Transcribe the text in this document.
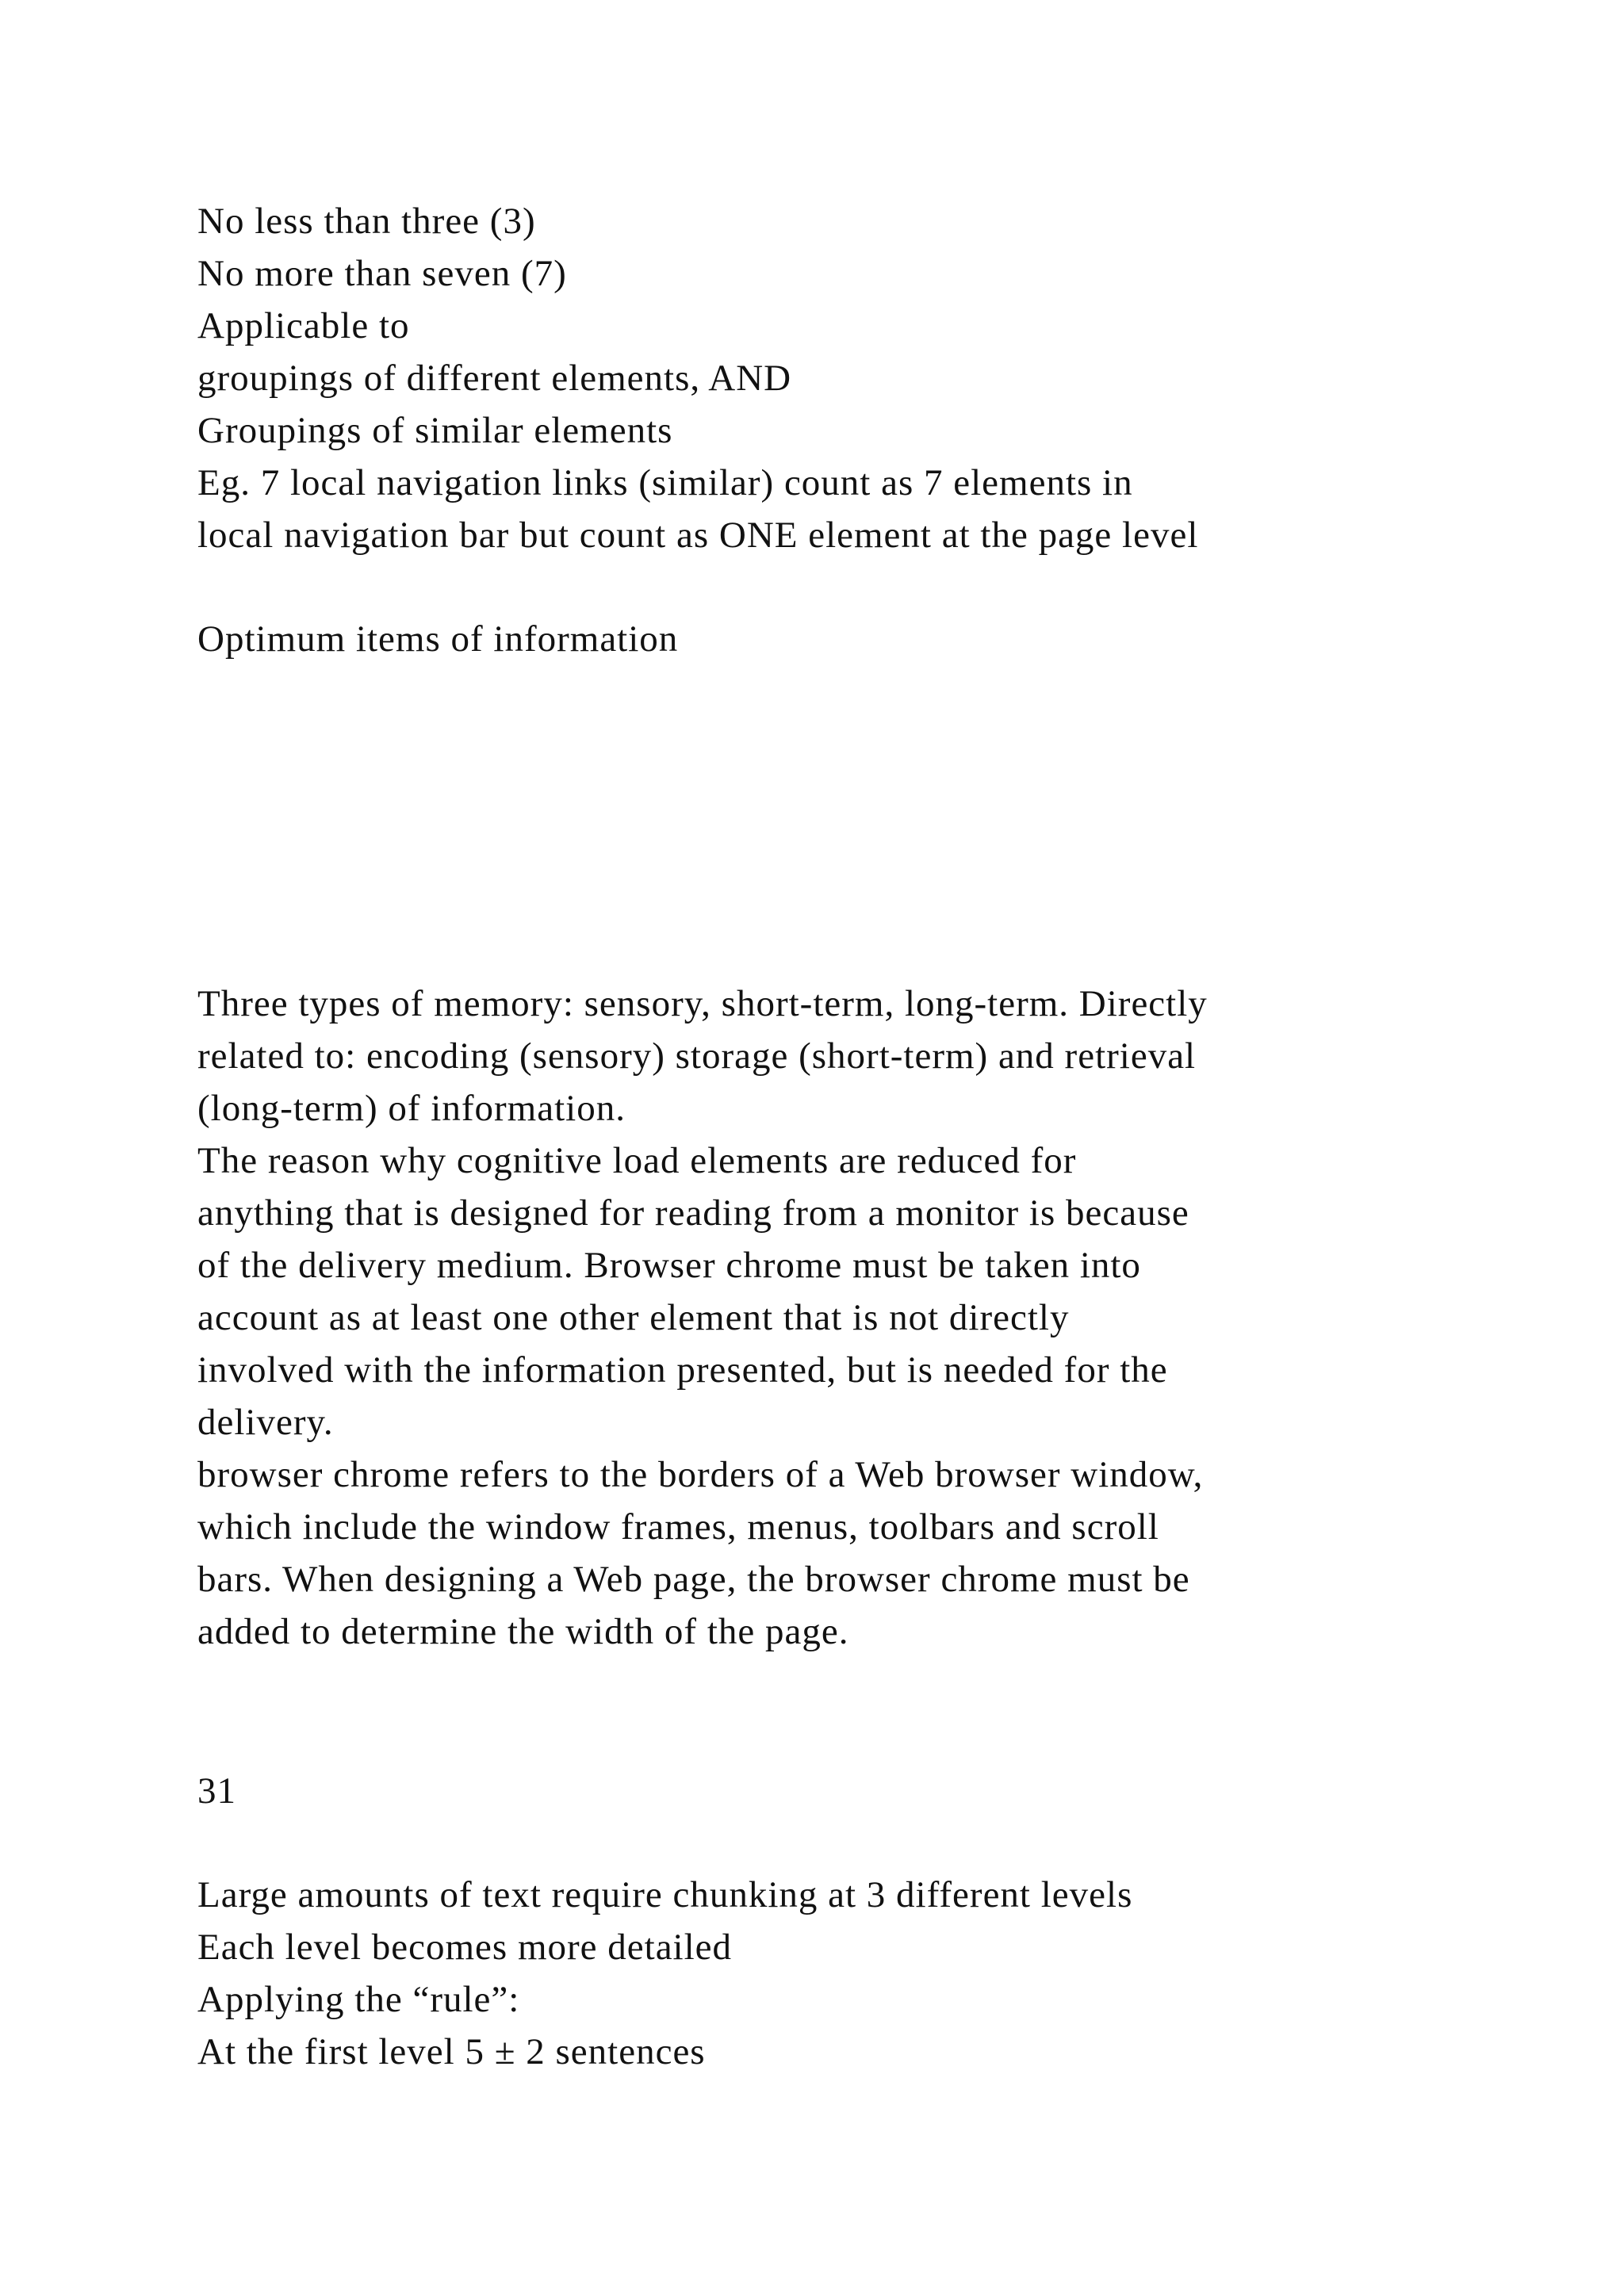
No less than three (3)
No more than seven (7)
Applicable to
groupings of different elements, AND
Groupings of similar elements
Eg. 7 local navigation links (similar) count as 7 elements in
local navigation bar but count as ONE element at the page level
Optimum items of information
Three types of memory: sensory, short-term, long-term. Directly
related to: encoding (sensory) storage (short-term) and retrieval
(long-term) of information.
The reason why cognitive load elements are reduced for
anything that is designed for reading from a monitor is because
of the delivery medium. Browser chrome must be taken into
account as at least one other element that is not directly
involved with the information presented, but is needed for the
delivery.
browser chrome refers to the borders of a Web browser window,
which include the window frames, menus, toolbars and scroll
bars. When designing a Web page, the browser chrome must be
added to determine the width of the page.
31
Large amounts of text require chunking at 3 different levels
Each level becomes more detailed
Applying the “rule”:
At the first level 5 ± 2 sentences
